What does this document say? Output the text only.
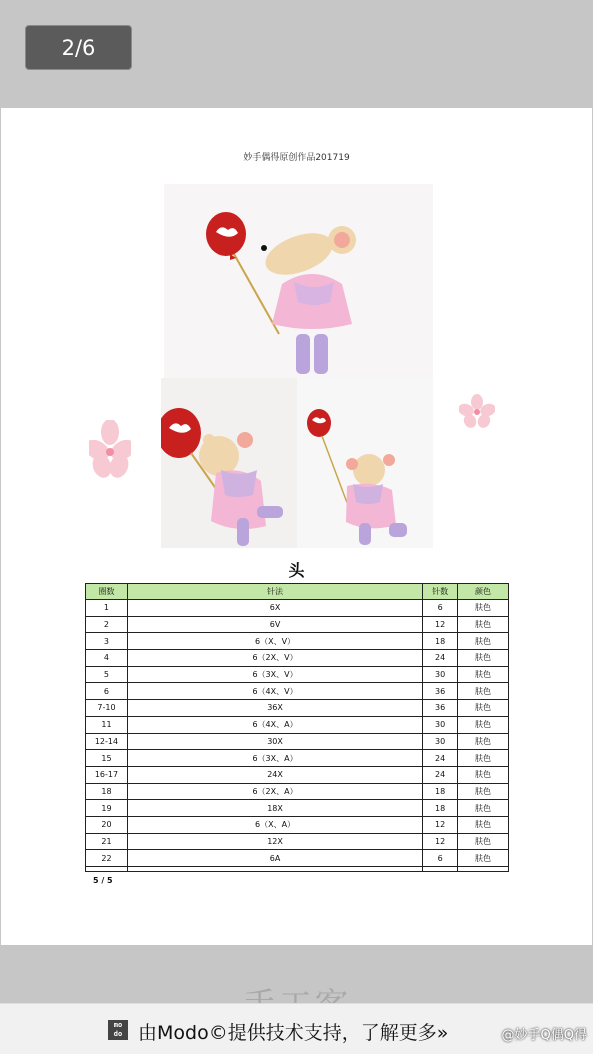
2/6
妙手偶得原创作品201719
头
圈数	针法	针数	颜色
1	6X	6	肤色
2	6V	12	肤色
3	6（X、V）	18	肤色
4	6（2X、V）	24	肤色
5	6（3X、V）	30	肤色
6	6（4X、V）	36	肤色
7-10	36X	36	肤色
11	6（4X、A）	30	肤色
12-14	30X	30	肤色
15	6（3X、A）	24	肤色
16-17	24X	24	肤色
18	6（2X、A）	18	肤色
19	18X	18	肤色
20	6（X、A）	12	肤色
21	12X	12	肤色
22	6A	6	肤色

5 / 5
mo do 由Modo©提供技术支持，了解更多»	@妙手Q偶Q得
